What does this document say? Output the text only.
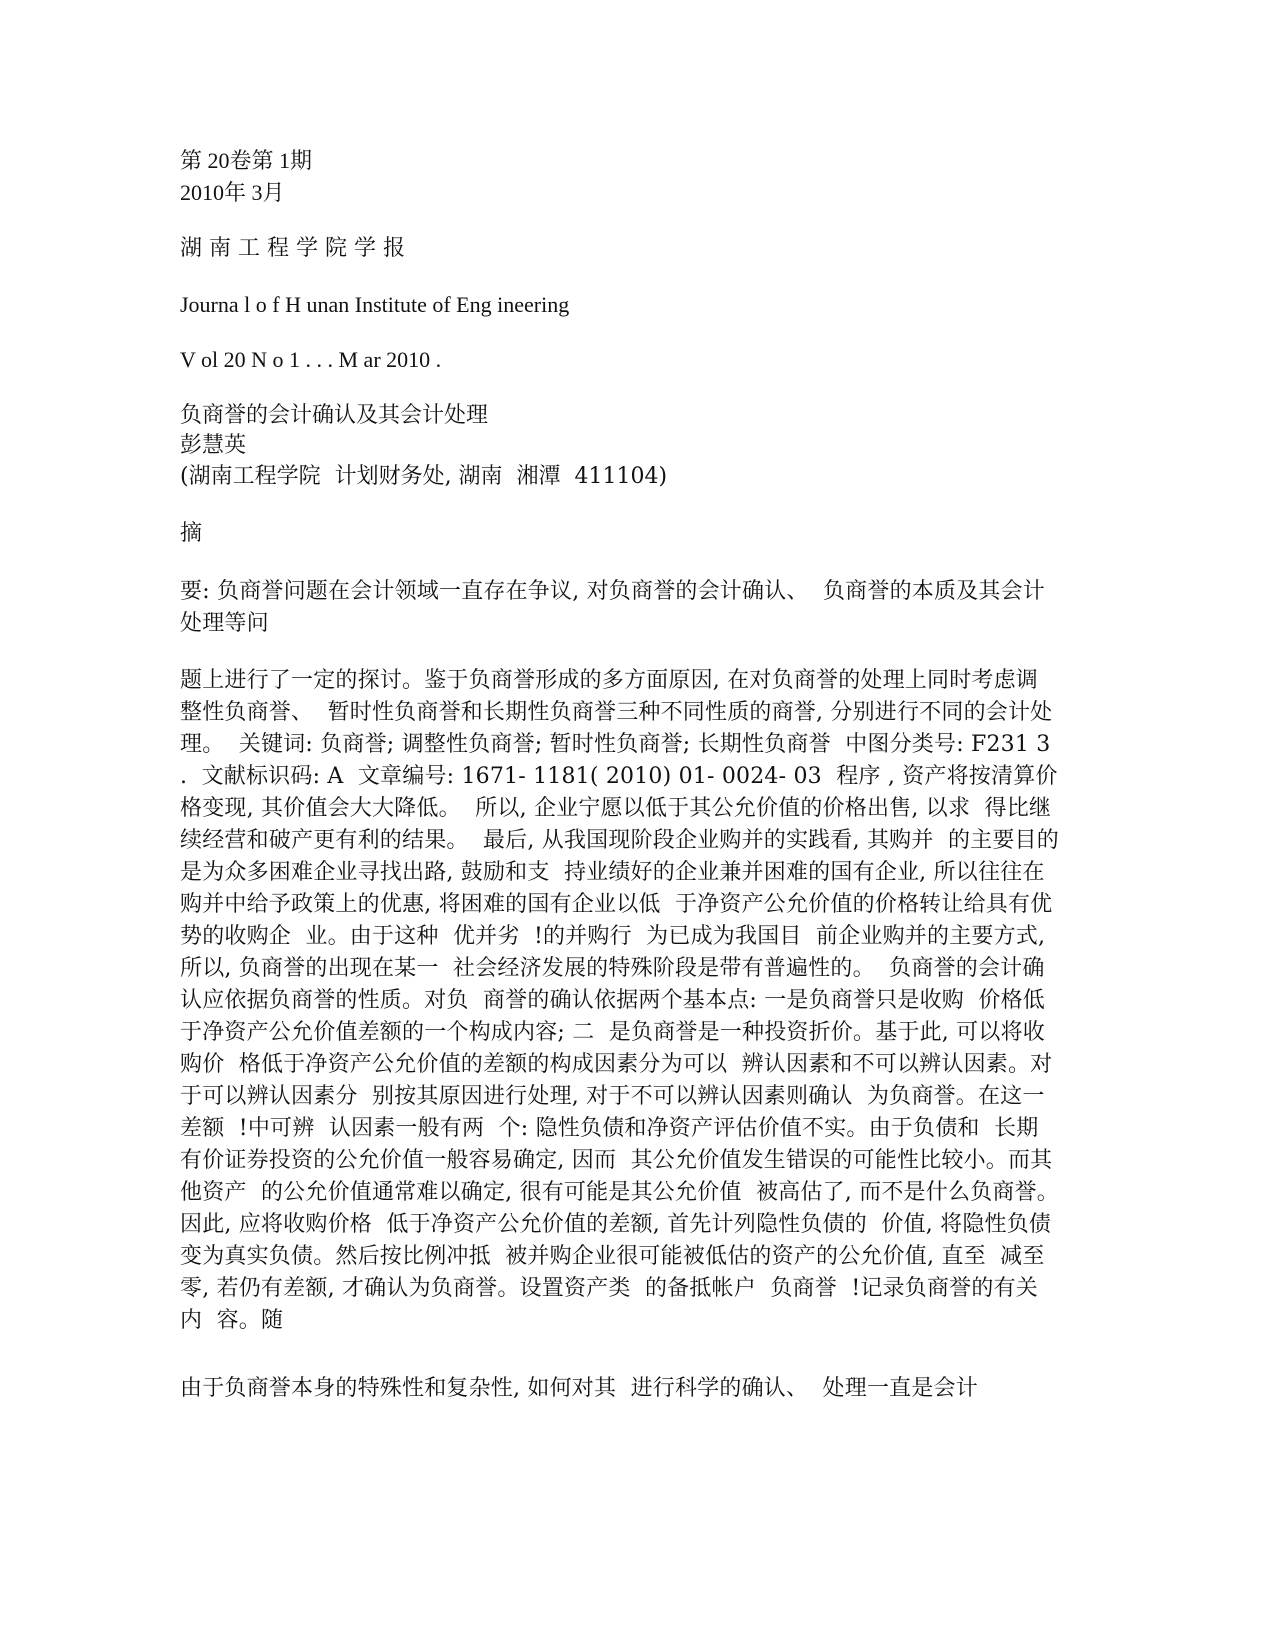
第 20卷第 1期

2010年 3月

湖 南 工 程 学 院 学 报

Journa l o f H unan Institute of Eng ineering

V ol 20 N o 1 . . . M ar 2010 .

负商誉的会计确认及其会计处理

彭慧英

(湖南工程学院  计划财务处, 湖南  湘潭  411104)

摘

要: 负商誉问题在会计领域一直存在争议, 对负商誉的会计确认、  负商誉的本质及其会计处理等问

题上进行了一定的探讨。鉴于负商誉形成的多方面原因, 在对负商誉的处理上同时考虑调整性负商誉、  暂时性负商誉和长期性负商誉三种不同性质的商誉, 分别进行不同的会计处理。  关键词: 负商誉; 调整性负商誉; 暂时性负商誉; 长期性负商誉  中图分类号: F231 3 .  文献标识码: A  文章编号: 1671- 1181( 2010) 01- 0024- 03  程序 , 资产将按清算价格变现, 其价值会大大降低。  所以, 企业宁愿以低于其公允价值的价格出售, 以求  得比继续经营和破产更有利的结果。  最后, 从我国现阶段企业购并的实践看, 其购并  的主要目的是为众多困难企业寻找出路, 鼓励和支  持业绩好的企业兼并困难的国有企业, 所以往往在  购并中给予政策上的优惠, 将困难的国有企业以低  于净资产公允价值的价格转让给具有优势的收购企  业。由于这种  优并劣  !的并购行  为已成为我国目  前企业购并的主要方式, 所以, 负商誉的出现在某一  社会经济发展的特殊阶段是带有普遍性的。  负商誉的会计确认应依据负商誉的性质。对负  商誉的确认依据两个基本点: 一是负商誉只是收购  价格低于净资产公允价值差额的一个构成内容; 二  是负商誉是一种投资折价。基于此, 可以将收购价  格低于净资产公允价值的差额的构成因素分为可以  辨认因素和不可以辨认因素。对于可以辨认因素分  别按其原因进行处理, 对于不可以辨认因素则确认  为负商誉。在这一  差额  !中可辨  认因素一般有两  个: 隐性负债和净资产评估价值不实。由于负债和  长期有价证券投资的公允价值一般容易确定, 因而  其公允价值发生错误的可能性比较小。而其他资产  的公允价值通常难以确定, 很有可能是其公允价值  被高估了, 而不是什么负商誉。因此, 应将收购价格  低于净资产公允价值的差额, 首先计列隐性负债的  价值, 将隐性负债变为真实负债。然后按比例冲抵  被并购企业很可能被低估的资产的公允价值, 直至  减至零, 若仍有差额, 才确认为负商誉。设置资产类  的备抵帐户  负商誉  !记录负商誉的有关内  容。随

由于负商誉本身的特殊性和复杂性, 如何对其  进行科学的确认、  处理一直是会计
